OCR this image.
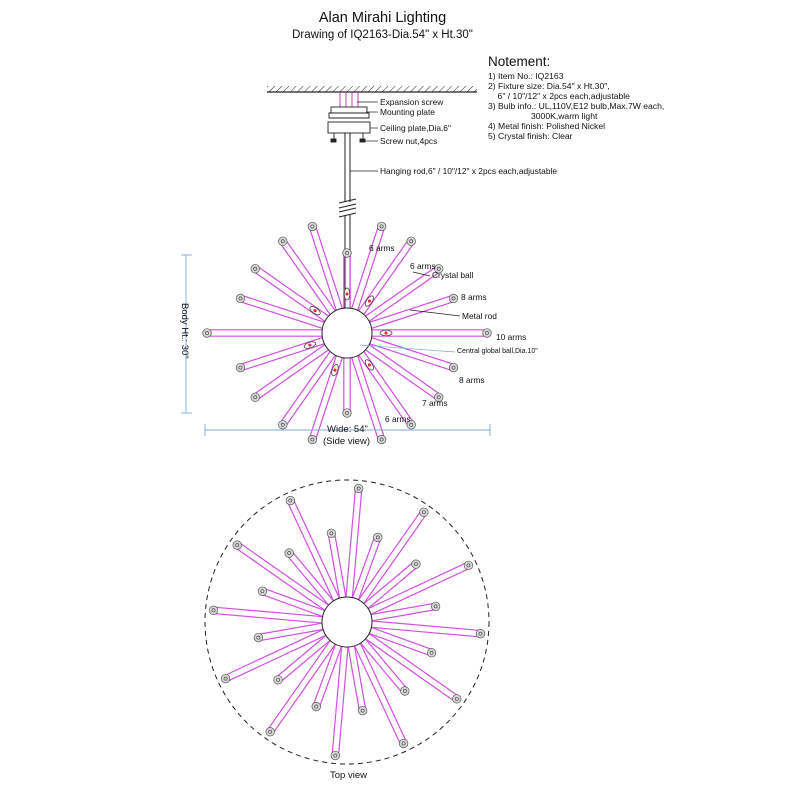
Alan Mirahi Lighting
Drawing of IQ2163-Dia.54" x Ht.30"
Notement:
1) Item No.: IQ2163
2) Fixture size: Dia.54" x Ht.30",
6" / 10"/12" x 2pcs each,adjustable
3) Bulb info.: UL,110V,E12 bulb,Max.7W each,
3000K,warm light
4) Metal finish: Polished Nickel
5) Crystal finish: Clear
Expansion screw
Mounting plate
Ceiling plate,Dia.6"
Screw nut,4pcs
Hanging rod,6" / 10"/12" x 2pcs each,adjustable
6 arms
6 arms
Crystal ball
8 arms
Metal rod
10 arms
Central global ball,Dia.10"
8 arms
7 arms
6 arms
Wide: 54"
(Side view)
Body Ht.: 30"
Top view
